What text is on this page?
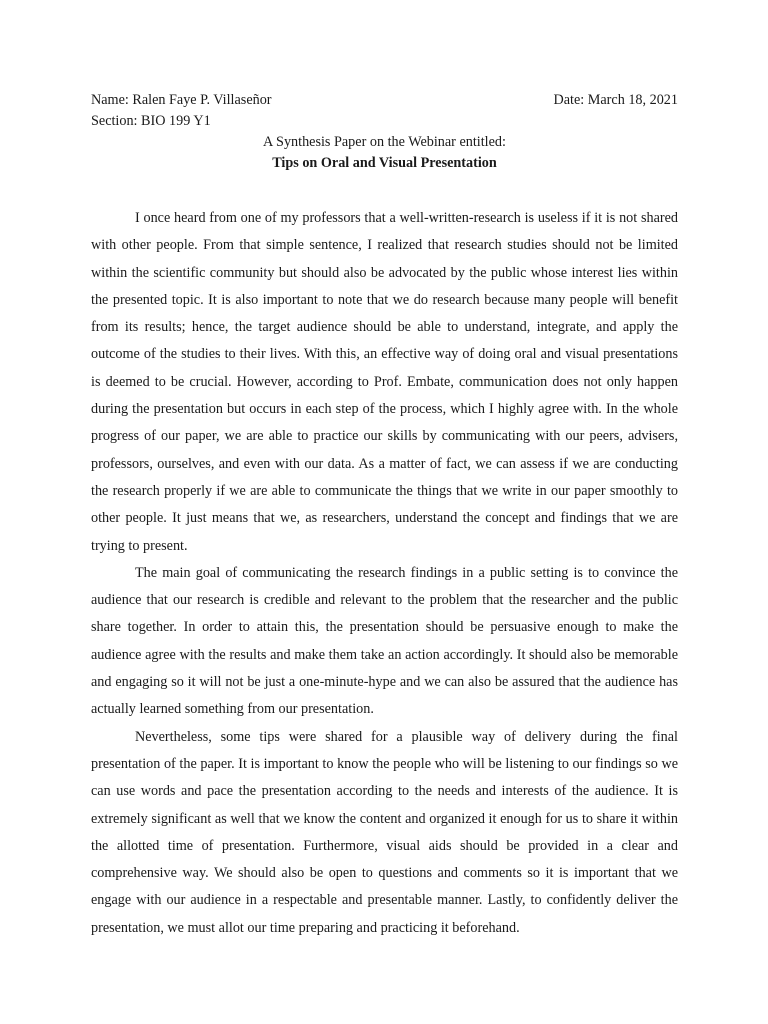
Name: Ralen Faye P. Villaseñor	Date: March 18, 2021
Section: BIO 199 Y1
A Synthesis Paper on the Webinar entitled:
Tips on Oral and Visual Presentation

I once heard from one of my professors that a well-written-research is useless if it is not shared with other people. From that simple sentence, I realized that research studies should not be limited within the scientific community but should also be advocated by the public whose interest lies within the presented topic. It is also important to note that we do research because many people will benefit from its results; hence, the target audience should be able to understand, integrate, and apply the outcome of the studies to their lives. With this, an effective way of doing oral and visual presentations is deemed to be crucial. However, according to Prof. Embate, communication does not only happen during the presentation but occurs in each step of the process, which I highly agree with. In the whole progress of our paper, we are able to practice our skills by communicating with our peers, advisers, professors, ourselves, and even with our data. As a matter of fact, we can assess if we are conducting the research properly if we are able to communicate the things that we write in our paper smoothly to other people. It just means that we, as researchers, understand the concept and findings that we are trying to present.

The main goal of communicating the research findings in a public setting is to convince the audience that our research is credible and relevant to the problem that the researcher and the public share together. In order to attain this, the presentation should be persuasive enough to make the audience agree with the results and make them take an action accordingly. It should also be memorable and engaging so it will not be just a one-minute-hype and we can also be assured that the audience has actually learned something from our presentation.

Nevertheless, some tips were shared for a plausible way of delivery during the final presentation of the paper. It is important to know the people who will be listening to our findings so we can use words and pace the presentation according to the needs and interests of the audience. It is extremely significant as well that we know the content and organized it enough for us to share it within the allotted time of presentation. Furthermore, visual aids should be provided in a clear and comprehensive way. We should also be open to questions and comments so it is important that we engage with our audience in a respectable and presentable manner. Lastly, to confidently deliver the presentation, we must allot our time preparing and practicing it beforehand.
